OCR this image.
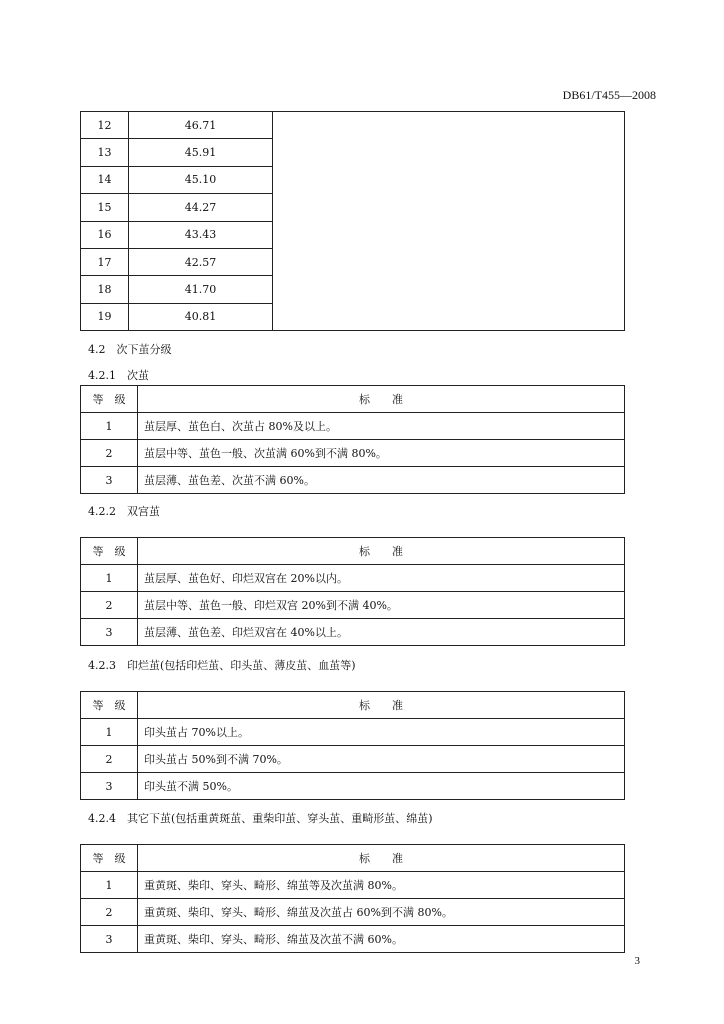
DB61/T455—2008
12	46.71	
13	45.91	
14	45.10	
15	44.27	
16	43.43	
17	42.57	
18	41.70	
19	40.81	
4.2　次下茧分级
4.2.1　次茧
等　级	标　　准
1	茧层厚、茧色白、次茧占 80%及以上。
2	茧层中等、茧色一般、次茧满 60%到不满 80%。
3	茧层薄、茧色差、次茧不满 60%。
4.2.2　双宫茧
等　级	标　　准
1	茧层厚、茧色好、印烂双宫在 20%以内。
2	茧层中等、茧色一般、印烂双宫 20%到不满 40%。
3	茧层薄、茧色差、印烂双宫在 40%以上。
4.2.3　印烂茧(包括印烂茧、印头茧、薄皮茧、血茧等)
等　级	标　　准
1	印头茧占 70%以上。
2	印头茧占 50%到不满 70%。
3	印头茧不满 50%。
4.2.4　其它下茧(包括重黄斑茧、重柴印茧、穿头茧、重畸形茧、绵茧)
等　级	标　　准
1	重黄斑、柴印、穿头、畸形、绵茧等及次茧满 80%。
2	重黄斑、柴印、穿头、畸形、绵茧及次茧占 60%到不满 80%。
3	重黄斑、柴印、穿头、畸形、绵茧及次茧不满 60%。
3
